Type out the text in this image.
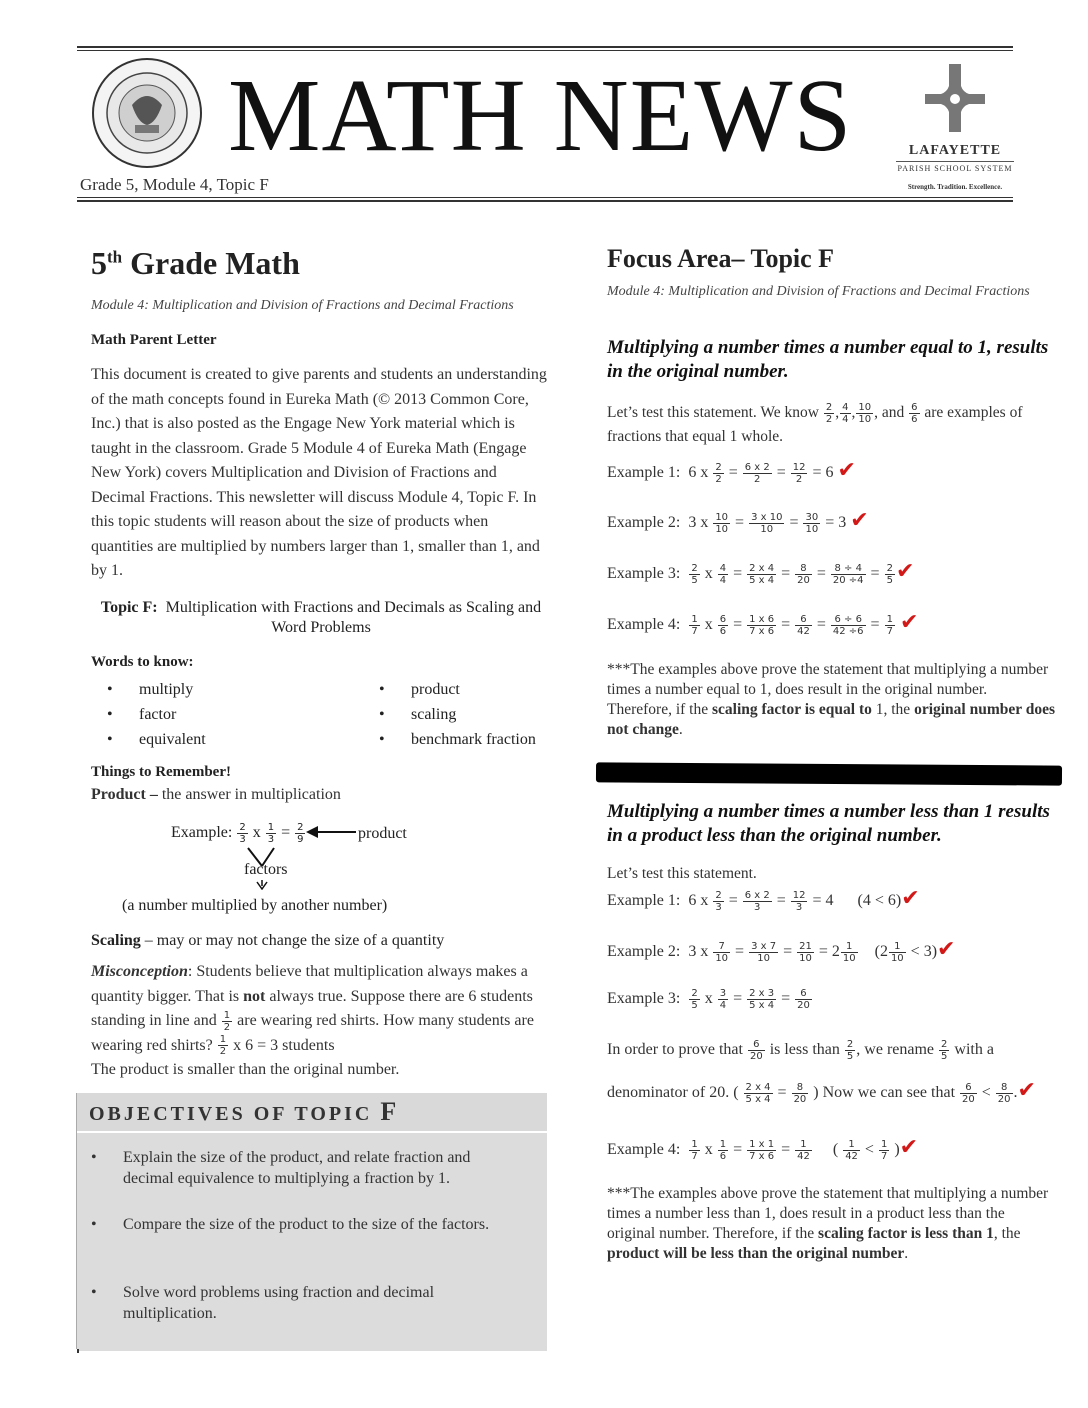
MATH NEWS	LAFAYETTE
PARISH SCHOOL SYSTEM
Strength. Tradition. Excellence.
Grade 5, Module 4, Topic F
5th Grade Math
Module 4: Multiplication and Division of Fractions and Decimal Fractions
Math Parent Letter
This document is created to give parents and students an understanding of the math concepts found in Eureka Math (© 2013 Common Core, Inc.) that is also posted as the Engage New York material which is taught in the classroom. Grade 5 Module 4 of Eureka Math (Engage New York) covers Multiplication and Division of Fractions and Decimal Fractions. This newsletter will discuss Module 4, Topic F. In this topic students will reason about the size of products when quantities are multiplied by numbers larger than 1, smaller than 1, and by 1.
Topic F: Multiplication with Fractions and Decimals as Scaling and Word Problems
Words to know:
• multiply	• product
• factor	• scaling
• equivalent	• benchmark fraction
Things to Remember!
Product – the answer in multiplication
Example: $\frac{2}{3}$ x $\frac{1}{3} = \frac{2}{9}$	product
factors
(a number multiplied by another number)
Scaling – may or may not change the size of a quantity
Misconception: Students believe that multiplication always makes a quantity bigger. That is not always true. Suppose there are 6 students standing in line and $\frac{1}{2}$ are wearing red shirts. How many students are wearing red shirts? $\frac{1}{2}$ x 6 = 3 students
The product is smaller than the original number.
OBJECTIVES OF TOPIC F
• Explain the size of the product, and relate fraction and decimal equivalence to multiplying a fraction by 1.
• Compare the size of the product to the size of the factors.
• Solve word problems using fraction and decimal multiplication.
Focus Area– Topic F
Module 4: Multiplication and Division of Fractions and Decimal Fractions
Multiplying a number times a number equal to 1, results in the original number.
Let’s test this statement. We know $\frac{2}{2}$ , $\frac{4}{4}$ , $\frac{10}{10}$ , and $\frac{6}{6}$ are examples of fractions that equal 1 whole.
Example 1:  6 x $\frac{2}{2} = \frac{6 x 2}{2} = \frac{12}{2} = 6$ ✔
Example 2:  3 x $\frac{10}{10} = \frac{3 x 10}{10} = \frac{30}{10} = 3$ ✔
Example 3: $\frac{2}{5}$ x $\frac{4}{4} = \frac{2 x 4}{5 x 4} = \frac{8}{20} = \frac{8 \div 4}{20 \div 4} = \frac{2}{5}$ ✔
Example 4: $\frac{1}{7}$ x $\frac{6}{6} = \frac{1 x 6}{7 x 6} = \frac{6}{42} = \frac{6 \div 6}{42 \div 6} = \frac{1}{7}$ ✔
***The examples above prove the statement that multiplying a number times a number equal to 1, does result in the original number. Therefore, if the scaling factor is equal to 1, the original number does not change.
Multiplying a number times a number less than 1 results in a product less than the original number.
Let’s test this statement.
Example 1:  6 x $\frac{2}{3} = \frac{6 x 2}{3} = \frac{12}{3} = 4$      (4 < 6)✔
Example 2:  3 x $\frac{7}{10} = \frac{3 x 7}{10} = \frac{21}{10} = 2 \frac{1}{10} (2 \frac{1}{10}$ < 3)✔
Example 3: $\frac{2}{5}$ x $\frac{3}{4} = \frac{2 x 3}{5 x 4} = \frac{6}{20}$
In order to prove that $\frac{6}{20}$ is less than $\frac{2}{5}$ , we rename $\frac{2}{5}$ with a
denominator of 20. ( $\frac{2 x 4}{5 x 4} = \frac{8}{20}$ ) Now we can see that $\frac{6}{20} < \frac{8}{20}$ .✔
Example 4: $\frac{1}{7}$ x $\frac{1}{6} = \frac{1 x 1}{7 x 6} = \frac{1}{42}$ ( $\frac{1}{42} < \frac{1}{7}$ )✔
***The examples above prove the statement that multiplying a number times a number less than 1, does result in a product less than the original number. Therefore, if the scaling factor is less than 1, the product will be less than the original number.
